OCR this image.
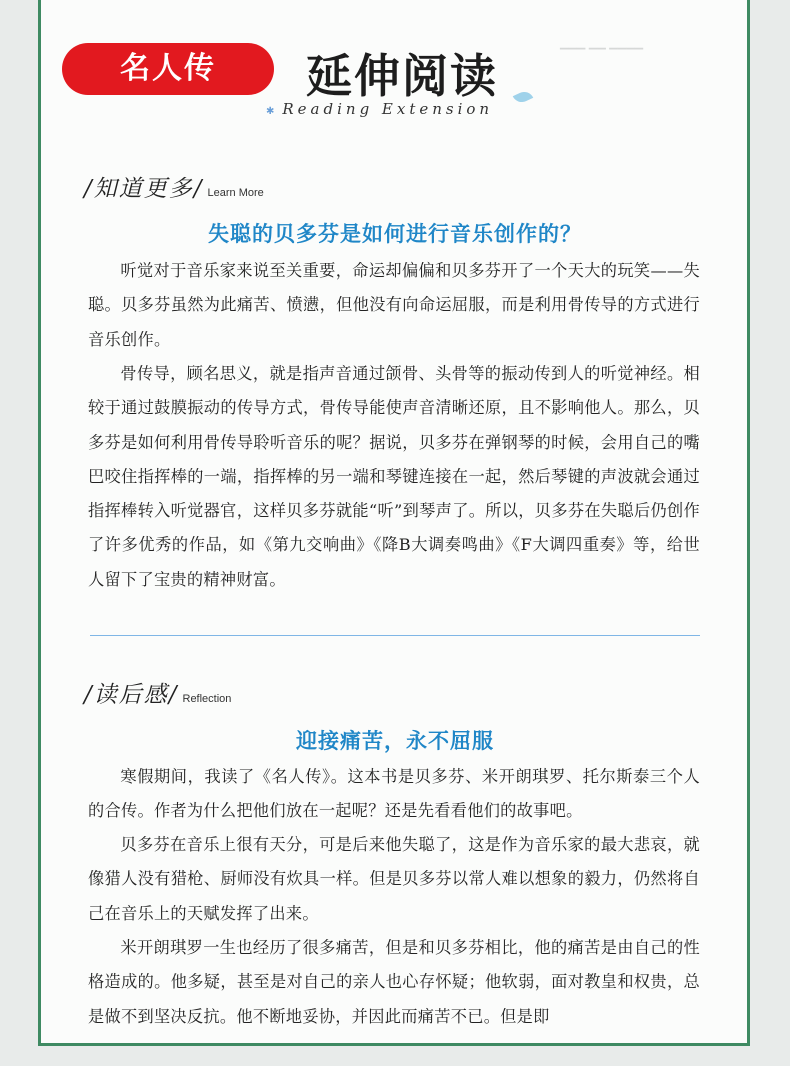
▔▔▔ ▔▔ ▔▔▔▔
名人传	延伸阅读
✱ Reading Extension
/知道更多/ Learn More
失聪的贝多芬是如何进行音乐创作的？

听觉对于音乐家来说至关重要，命运却偏偏和贝多芬开了一个天大的玩笑——失聪。贝多芬虽然为此痛苦、愤懑，但他没有向命运屈服，而是利用骨传导的方式进行音乐创作。

骨传导，顾名思义，就是指声音通过颌骨、头骨等的振动传到人的听觉神经。相较于通过鼓膜振动的传导方式，骨传导能使声音清晰还原，且不影响他人。那么，贝多芬是如何利用骨传导聆听音乐的呢？据说，贝多芬在弹钢琴的时候，会用自己的嘴巴咬住指挥棒的一端，指挥棒的另一端和琴键连接在一起，然后琴键的声波就会通过指挥棒转入听觉器官，这样贝多芬就能“听”到琴声了。所以，贝多芬在失聪后仍创作了许多优秀的作品，如《第九交响曲》《降B大调奏鸣曲》《F大调四重奏》等，给世人留下了宝贵的精神财富。

/读后感/ Reflection
迎接痛苦，永不屈服

寒假期间，我读了《名人传》。这本书是贝多芬、米开朗琪罗、托尔斯泰三个人的合传。作者为什么把他们放在一起呢？还是先看看他们的故事吧。

贝多芬在音乐上很有天分，可是后来他失聪了，这是作为音乐家的最大悲哀，就像猎人没有猎枪、厨师没有炊具一样。但是贝多芬以常人难以想象的毅力，仍然将自己在音乐上的天赋发挥了出来。

米开朗琪罗一生也经历了很多痛苦，但是和贝多芬相比，他的痛苦是由自己的性格造成的。他多疑，甚至是对自己的亲人也心存怀疑；他软弱，面对教皇和权贵，总是做不到坚决反抗。他不断地妥协，并因此而痛苦不已。但是即
